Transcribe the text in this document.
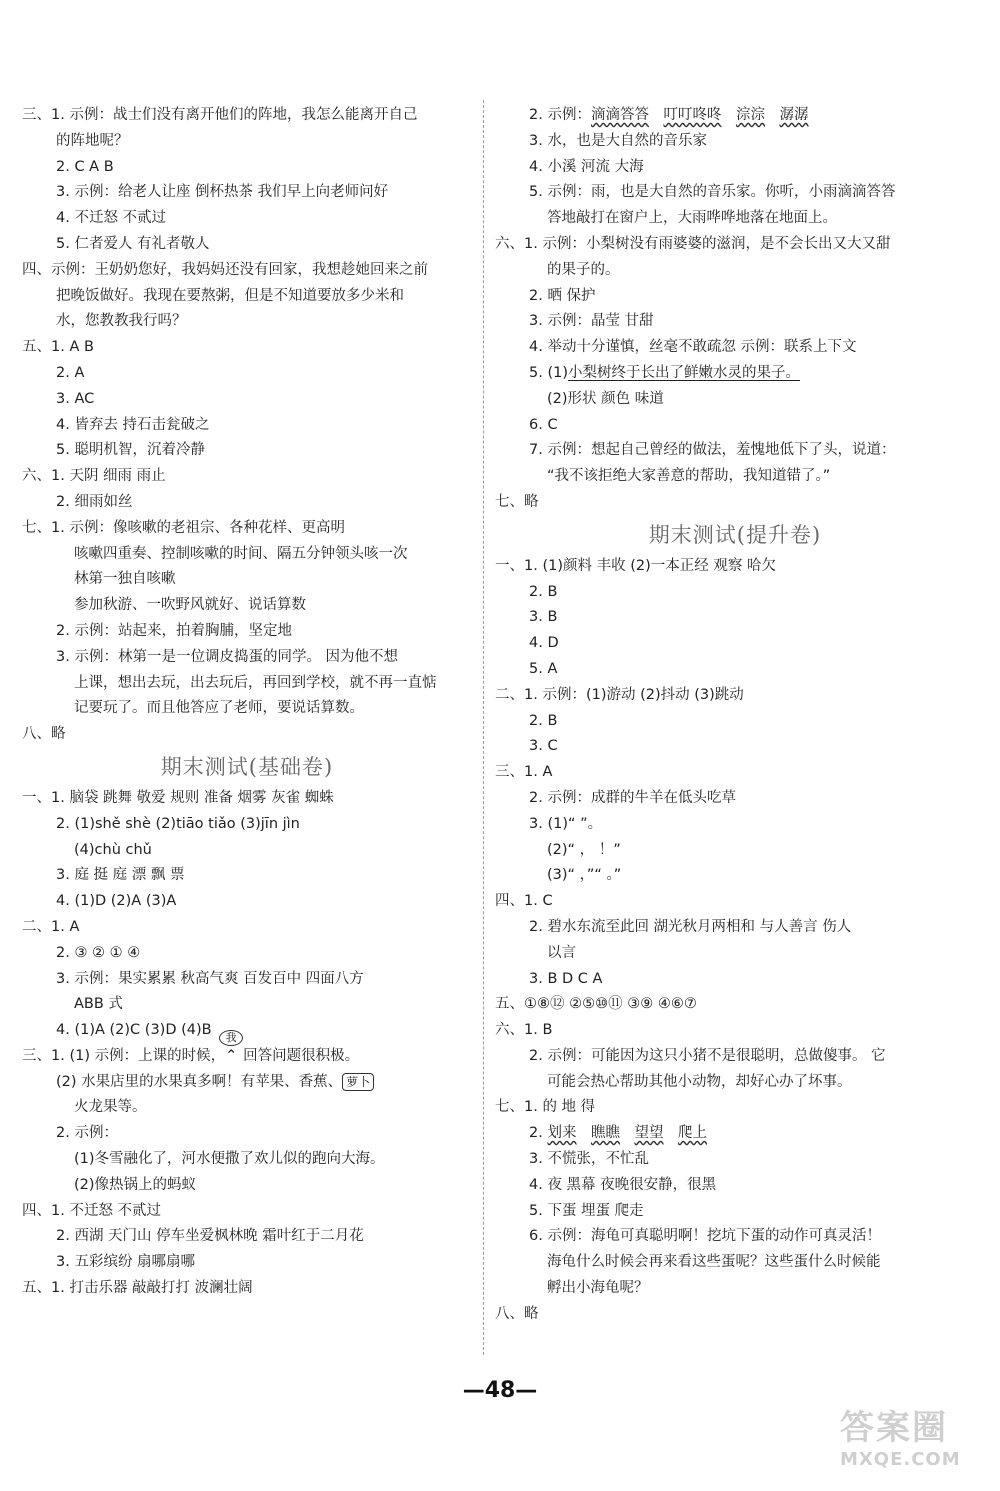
三、1. 示例：战士们没有离开他们的阵地，我怎么能离开自己
的阵地呢？
2. C A B
3. 示例：给老人让座 倒杯热茶 我们早上向老师问好
4. 不迁怒 不贰过
5. 仁者爱人 有礼者敬人
四、示例：王奶奶您好，我妈妈还没有回家，我想趁她回来之前
把晚饭做好。我现在要熬粥，但是不知道要放多少米和
水，您教教我行吗？
五、1. A B
2. A
3. AC
4. 皆弃去 持石击瓮破之
5. 聪明机智，沉着冷静
六、1. 天阴 细雨 雨止
2. 细雨如丝
七、1. 示例：像咳嗽的老祖宗、各种花样、更高明
咳嗽四重奏、控制咳嗽的时间、隔五分钟领头咳一次
林第一独自咳嗽
参加秋游、一吹野风就好、说话算数
2. 示例：站起来，拍着胸脯，坚定地
3. 示例：林第一是一位调皮捣蛋的同学。 因为他不想
上课，想出去玩，出去玩后，再回到学校，就不再一直惦
记要玩了。而且他答应了老师，要说话算数。
八、略
期末测试(基础卷)
一、1. 脑袋 跳舞 敬爱 规则 准备 烟雾 灰雀 蜘蛛
2. (1)shě shè (2)tiāo tiǎo (3)jīn jìn
(4)chù chǔ
3. 庭 挺 庭 漂 飘 票
4. (1)D (2)A (3)A
二、1. A
2. ③ ② ① ④
3. 示例：果实累累 秋高气爽 百发百中 四面八方
ABB 式
4. (1)A (2)C (3)D (4)B
三、1. (1) 示例：上课的时候，
我
⌃ 回答问题很积极。
(2) 水果店里的水果真多啊！有苹果、香蕉、 萝卜
火龙果等。
2. 示例：
(1)冬雪融化了，河水便撒了欢儿似的跑向大海。
(2)像热锅上的蚂蚁
四、1. 不迁怒 不贰过
2. 西湖 天门山 停车坐爱枫林晚 霜叶红于二月花
3. 五彩缤纷 扇哪扇哪
五、1. 打击乐器 敲敲打打 波澜壮阔
2. 示例：滴滴答答　 叮叮咚咚　 淙淙　 潺潺
3. 水，也是大自然的音乐家
4. 小溪 河流 大海
5. 示例：雨，也是大自然的音乐家。你听，小雨滴滴答答
答地敲打在窗户上，大雨哗哗地落在地面上。
六、1. 示例：小梨树没有雨婆婆的滋润，是不会长出又大又甜
的果子的。
2. 晒 保护
3. 示例：晶莹 甘甜
4. 举动十分谨慎，丝毫不敢疏忽 示例：联系上下文
5. (1)小梨树终于长出了鲜嫩水灵的果子。
(2)形状 颜色 味道
6. C
7. 示例：想起自己曾经的做法，羞愧地低下了头，说道：
“我不该拒绝大家善意的帮助，我知道错了。”
七、略
期末测试(提升卷)
一、1. (1)颜料 丰收 (2)一本正经 观察 哈欠
2. B
3. B
4. D
5. A
二、1. 示例：(1)游动 (2)抖动 (3)跳动
2. B
3. C
三、1. A
2. 示例：成群的牛羊在低头吃草
3. (1)“ ”。
(2)“ ， ！”
(3)“ ，”“ 。”
四、1. C
2. 碧水东流至此回 湖光秋月两相和 与人善言 伤人
以言
3. B D C A
五、①⑧⑫ ②⑤⑩⑪ ③⑨ ④⑥⑦
六、1. B
2. 示例：可能因为这只小猪不是很聪明，总做傻事。 它
可能会热心帮助其他小动物，却好心办了坏事。
七、1. 的 地 得
2. 划来　 瞧瞧　 望望　 爬上
3. 不慌张，不忙乱
4. 夜 黑幕 夜晚很安静，很黑
5. 下蛋 埋蛋 爬走
6. 示例：海龟可真聪明啊！挖坑下蛋的动作可真灵活！
海龟什么时候会再来看这些蛋呢？这些蛋什么时候能
孵出小海龟呢？
八、略
—48—
答案圈
MXQE.COM
